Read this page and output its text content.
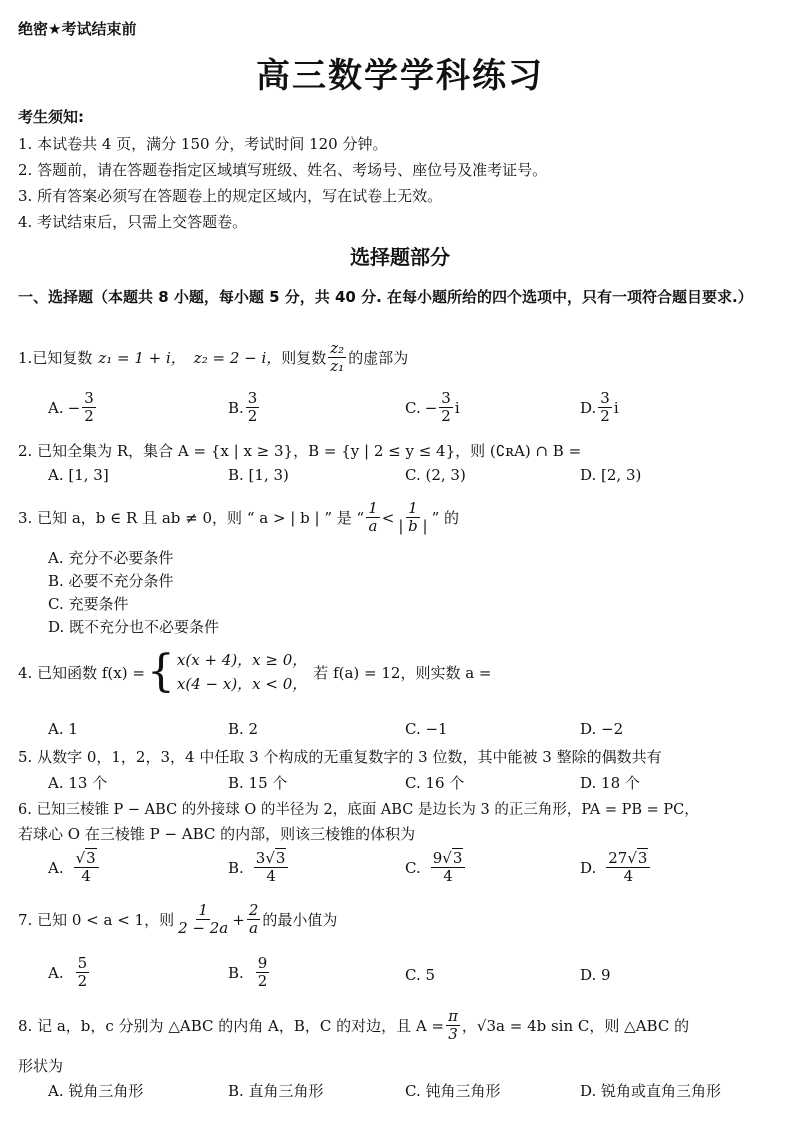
绝密★考试结束前
高三数学学科练习
考生须知:
1. 本试卷共 4 页，满分 150 分，考试时间 120 分钟。
2. 答题前，请在答题卷指定区域填写班级、姓名、考场号、座位号及准考证号。
3. 所有答案必须写在答题卷上的规定区域内，写在试卷上无效。
4. 考试结束后，只需上交答题卷。
选择题部分
一、选择题（本题共 8 小题，每小题 5 分，共 40 分. 在每小题所给的四个选项中，只有一项符合题目要求.）
1. 已知复数 z₁ = 1 + i， z₂ = 2 − i， 则复数 $\frac{\text{z₂}}{\text{z₁}}$ 的虚部为
A. − $\frac{3}{2}$	B. $\frac{3}{2}$	C. − $\frac{3}{2}$ i	D. $\frac{3}{2}$ i
2. 已知全集为 R，集合 A = {x | x ≥ 3}，B = {y | 2 ≤ y ≤ 4}，则 (∁ʀA) ∩ B =
A. [1, 3]	B. [1, 3)	C. (2, 3)	D. [2, 3)
3. 已知 a，b ∈ R 且 ab ≠ 0，则 “ a > | b | ” 是 “ $\frac{1}{a} < \frac{1}{| b |}$ ” 的
A. 充分不必要条件
B. 必要不充分条件
C. 充要条件
D. 既不充分也不必要条件
4. 已知函数 f(x) = { x(x + 4)，x ≥ 0，
x(4 − x)，x < 0，
若 f(a) = 12，则实数 a =
A. 1	B. 2	C. −1	D. −2
5. 从数字 0，1，2，3，4 中任取 3 个构成的无重复数字的 3 位数，其中能被 3 整除的偶数共有
A. 13 个	B. 15 个	C. 16 个	D. 18 个
6. 已知三棱锥 P − ABC 的外接球 O 的半径为 2，底面 ABC 是边长为 3 的正三角形，PA = PB = PC，
若球心 O 在三棱锥 P − ABC 的内部，则该三棱锥的体积为
A. $\frac{√3}{4}$	B. $\frac{3√3}{4}$	C. $\frac{9√3}{4}$	D. $\frac{27√3}{4}$
7. 已知 0 < a < 1，则 $\frac{1}{2 - 2a} + \frac{2}{a}$ 的最小值为
A. $\frac{5}{2}$	B. $\frac{9}{2}$	C. 5	D. 9
8. 记 a，b，c 分别为 △ABC 的内角 A，B，C 的对边，且 $A = \frac{\pi}{3}$ ，√3a = 4b sin C，则 △ABC 的
形状为
A. 锐角三角形	B. 直角三角形	C. 钝角三角形	D. 锐角或直角三角形
